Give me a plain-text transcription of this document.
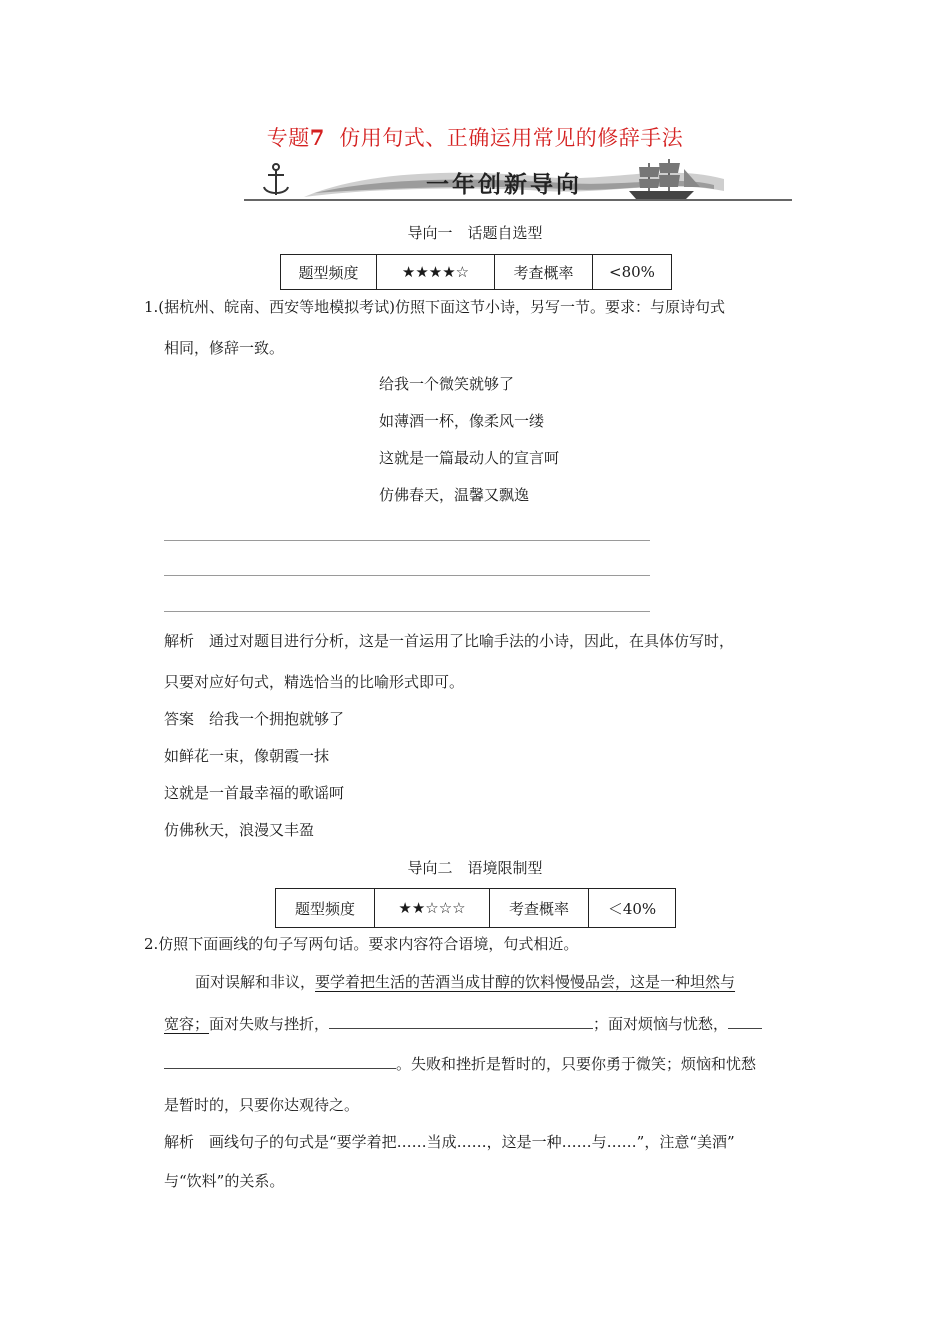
专题7 仿用句式、正确运用常见的修辞手法
一年创新导向
导向一　话题自选型
题型频度	★★★★☆	考查概率	<80%
1.(据杭州、皖南、西安等地模拟考试)仿照下面这节小诗，另写一节。要求：与原诗句式
相同，修辞一致。
给我一个微笑就够了
如薄酒一杯，像柔风一缕
这就是一篇最动人的宣言呵
仿佛春天，温馨又飘逸
解析　通过对题目进行分析，这是一首运用了比喻手法的小诗，因此，在具体仿写时，
只要对应好句式，精选恰当的比喻形式即可。
答案　给我一个拥抱就够了
如鲜花一束，像朝霞一抹
这就是一首最幸福的歌谣呵
仿佛秋天，浪漫又丰盈
导向二　语境限制型
题型频度	★★☆☆☆	考查概率	＜40%
2.仿照下面画线的句子写两句话。要求内容符合语境，句式相近。
面对误解和非议，要学着把生活的苦酒当成甘醇的饮料慢慢品尝，这是一种坦然与
宽容；面对失败与挫折，	；面对烦恼与忧愁，
。失败和挫折是暂时的，只要你勇于微笑；烦恼和忧愁
是暂时的，只要你达观待之。
解析　画线句子的句式是“要学着把……当成……，这是一种……与……”，注意“美酒”
与“饮料”的关系。
